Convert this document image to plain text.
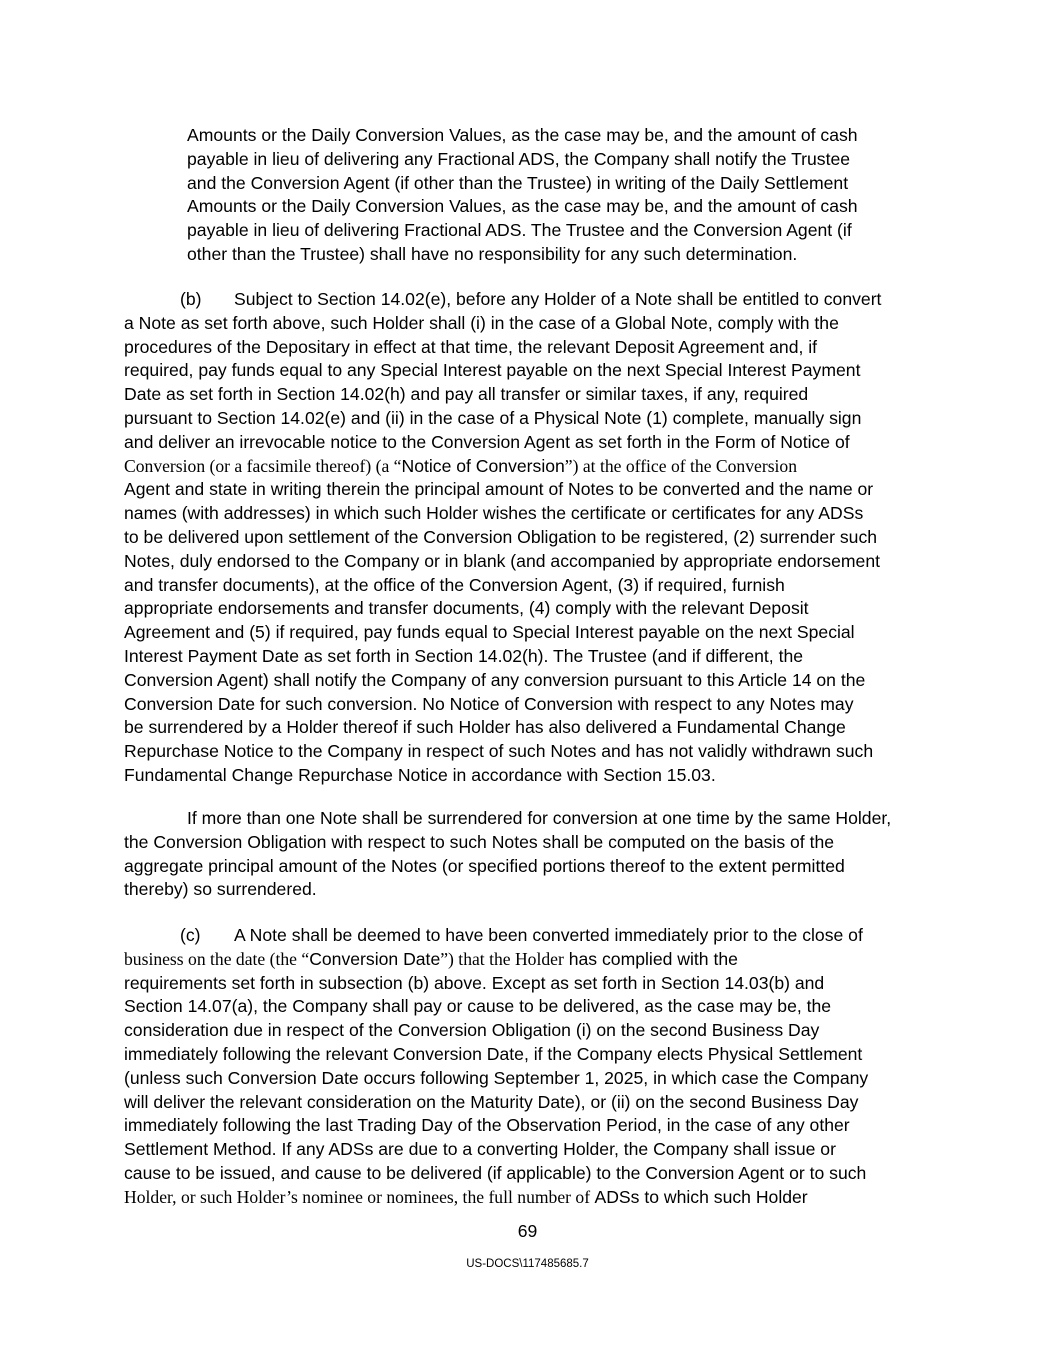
Amounts or the Daily Conversion Values, as the case may be, and the amount of cash
payable in lieu of delivering any Fractional ADS, the Company shall notify the Trustee
and the Conversion Agent (if other than the Trustee) in writing of the Daily Settlement
Amounts or the Daily Conversion Values, as the case may be, and the amount of cash
payable in lieu of delivering Fractional ADS. The Trustee and the Conversion Agent (if
other than the Trustee) shall have no responsibility for any such determination.
(b) Subject to Section 14.02(e), before any Holder of a Note shall be entitled to convert
a Note as set forth above, such Holder shall (i) in the case of a Global Note, comply with the
procedures of the Depositary in effect at that time, the relevant Deposit Agreement and, if
required, pay funds equal to any Special Interest payable on the next Special Interest Payment
Date as set forth in Section 14.02(h) and pay all transfer or similar taxes, if any, required
pursuant to Section 14.02(e) and (ii) in the case of a Physical Note (1) complete, manually sign
and deliver an irrevocable notice to the Conversion Agent as set forth in the Form of Notice of
Conversion (or a facsimile thereof) (a “Notice of Conversion”) at the office of the Conversion
Agent and state in writing therein the principal amount of Notes to be converted and the name or
names (with addresses) in which such Holder wishes the certificate or certificates for any ADSs
to be delivered upon settlement of the Conversion Obligation to be registered, (2) surrender such
Notes, duly endorsed to the Company or in blank (and accompanied by appropriate endorsement
and transfer documents), at the office of the Conversion Agent, (3) if required, furnish
appropriate endorsements and transfer documents, (4) comply with the relevant Deposit
Agreement and (5) if required, pay funds equal to Special Interest payable on the next Special
Interest Payment Date as set forth in Section 14.02(h). The Trustee (and if different, the
Conversion Agent) shall notify the Company of any conversion pursuant to this Article 14 on the
Conversion Date for such conversion. No Notice of Conversion with respect to any Notes may
be surrendered by a Holder thereof if such Holder has also delivered a Fundamental Change
Repurchase Notice to the Company in respect of such Notes and has not validly withdrawn such
Fundamental Change Repurchase Notice in accordance with Section 15.03.
If more than one Note shall be surrendered for conversion at one time by the same Holder,
the Conversion Obligation with respect to such Notes shall be computed on the basis of the
aggregate principal amount of the Notes (or specified portions thereof to the extent permitted
thereby) so surrendered.
(c) A Note shall be deemed to have been converted immediately prior to the close of
business on the date (the “Conversion Date”) that the Holder has complied with the
requirements set forth in subsection (b) above. Except as set forth in Section 14.03(b) and
Section 14.07(a), the Company shall pay or cause to be delivered, as the case may be, the
consideration due in respect of the Conversion Obligation (i) on the second Business Day
immediately following the relevant Conversion Date, if the Company elects Physical Settlement
(unless such Conversion Date occurs following September 1, 2025, in which case the Company
will deliver the relevant consideration on the Maturity Date), or (ii) on the second Business Day
immediately following the last Trading Day of the Observation Period, in the case of any other
Settlement Method. If any ADSs are due to a converting Holder, the Company shall issue or
cause to be issued, and cause to be delivered (if applicable) to the Conversion Agent or to such
Holder, or such Holder’s nominee or nominees, the full number of ADSs to which such Holder
69
US-DOCS\117485685.7
